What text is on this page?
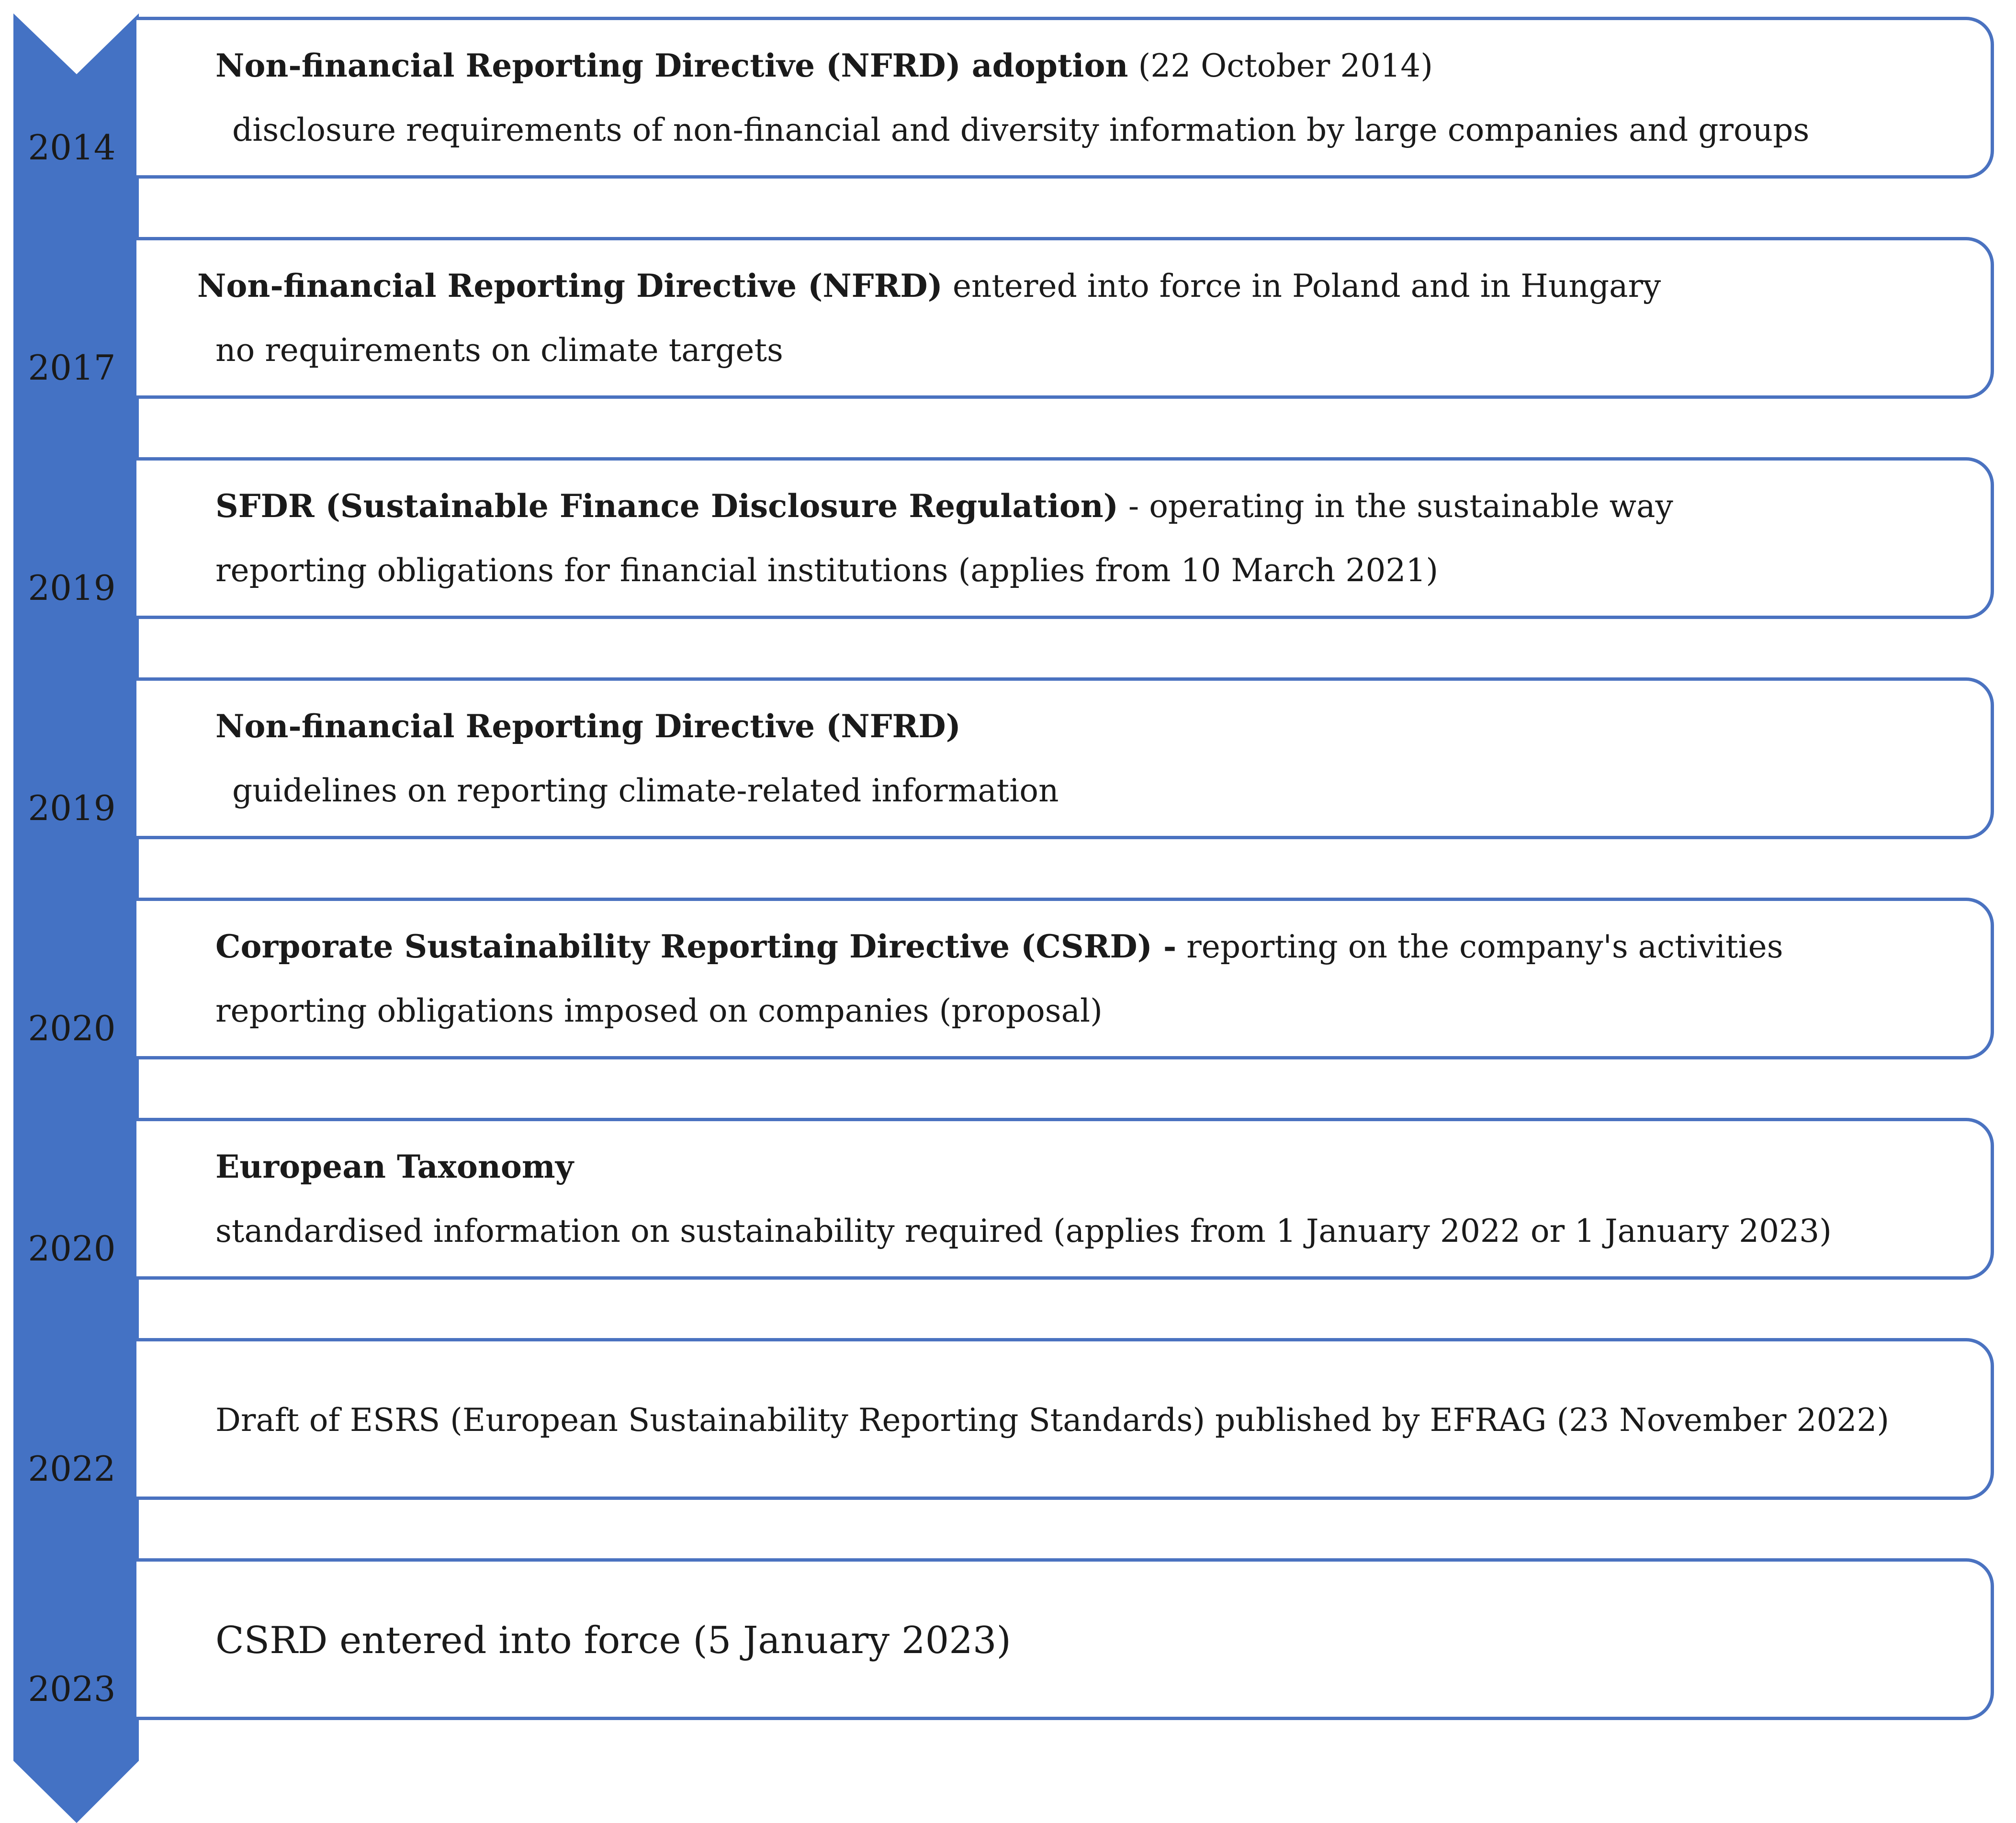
2014
2017
2019
2019
2020
2020
2022
2023
Non-financial Reporting Directive (NFRD) adoption (22 October 2014)
disclosure requirements of non-financial and diversity information by large companies and groups
Non-financial Reporting Directive (NFRD) entered into force in Poland and in Hungary
no requirements on climate targets
SFDR (Sustainable Finance Disclosure Regulation) - operating in the sustainable way
reporting obligations for financial institutions (applies from 10 March 2021)
Non-financial Reporting Directive (NFRD)
guidelines on reporting climate-related information
Corporate Sustainability Reporting Directive (CSRD) - reporting on the company's activities
reporting obligations imposed on companies (proposal)
European Taxonomy
standardised information on sustainability required (applies from 1 January 2022 or 1 January 2023)
Draft of ESRS (European Sustainability Reporting Standards) published by EFRAG (23 November 2022)
CSRD entered into force (5 January 2023)
